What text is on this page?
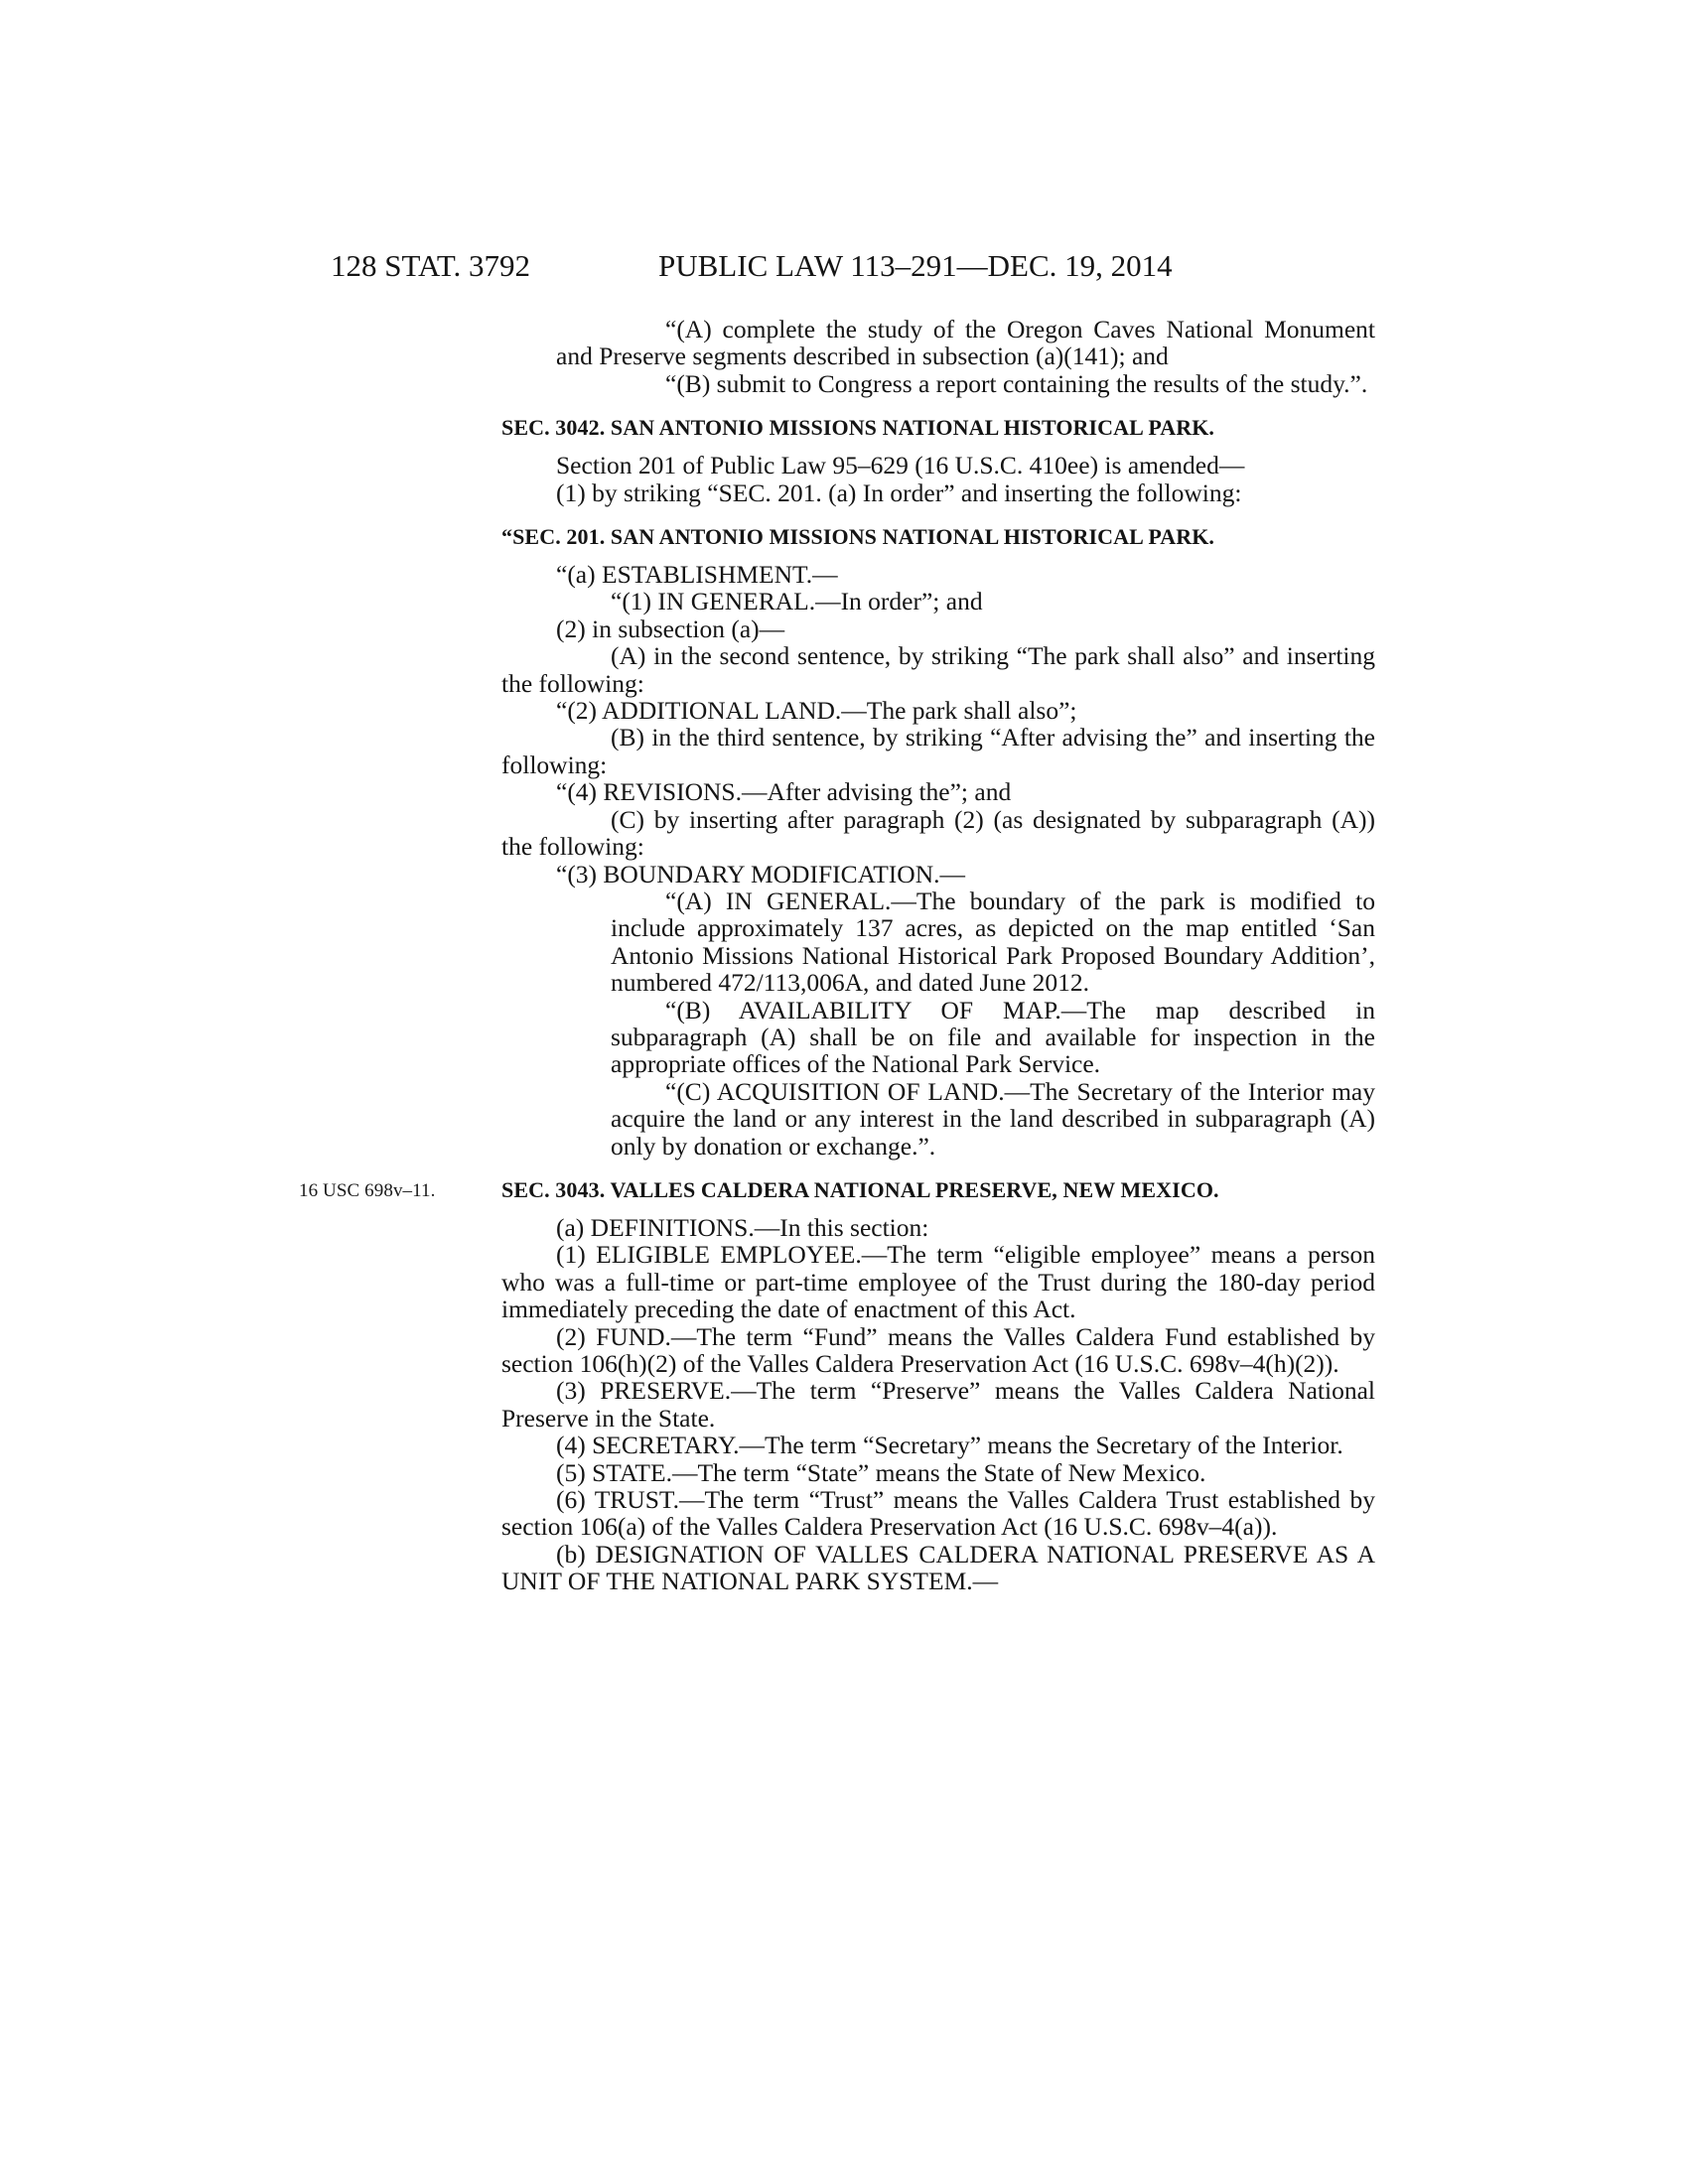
128 STAT. 3792	PUBLIC LAW 113–291—DEC. 19, 2014

“(A) complete the study of the Oregon Caves National Monument and Preserve segments described in subsection (a)(141); and

“(B) submit to Congress a report containing the results of the study.”.

SEC. 3042. SAN ANTONIO MISSIONS NATIONAL HISTORICAL PARK.

Section 201 of Public Law 95–629 (16 U.S.C. 410ee) is amended—

(1) by striking “SEC. 201. (a) In order” and inserting the following:

“SEC. 201. SAN ANTONIO MISSIONS NATIONAL HISTORICAL PARK.

“(a) ESTABLISHMENT.—

“(1) IN GENERAL.—In order”; and

(2) in subsection (a)—

(A) in the second sentence, by striking “The park shall also” and inserting the following:

“(2) ADDITIONAL LAND.—The park shall also”;

(B) in the third sentence, by striking “After advising the” and inserting the following:

“(4) REVISIONS.—After advising the”; and

(C) by inserting after paragraph (2) (as designated by subparagraph (A)) the following:

“(3) BOUNDARY MODIFICATION.—

“(A) IN GENERAL.—The boundary of the park is modified to include approximately 137 acres, as depicted on the map entitled ‘San Antonio Missions National Historical Park Proposed Boundary Addition’, numbered 472/113,006A, and dated June 2012.

“(B) AVAILABILITY OF MAP.—The map described in subparagraph (A) shall be on file and available for inspection in the appropriate offices of the National Park Service.

“(C) ACQUISITION OF LAND.—The Secretary of the Interior may acquire the land or any interest in the land described in subparagraph (A) only by donation or exchange.”.

16 USC 698v–11.	SEC. 3043. VALLES CALDERA NATIONAL PRESERVE, NEW MEXICO.

(a) DEFINITIONS.—In this section:

(1) ELIGIBLE EMPLOYEE.—The term “eligible employee” means a person who was a full-time or part-time employee of the Trust during the 180-day period immediately preceding the date of enactment of this Act.

(2) FUND.—The term “Fund” means the Valles Caldera Fund established by section 106(h)(2) of the Valles Caldera Preservation Act (16 U.S.C. 698v–4(h)(2)).

(3) PRESERVE.—The term “Preserve” means the Valles Caldera National Preserve in the State.

(4) SECRETARY.—The term “Secretary” means the Secretary of the Interior.

(5) STATE.—The term “State” means the State of New Mexico.

(6) TRUST.—The term “Trust” means the Valles Caldera Trust established by section 106(a) of the Valles Caldera Preservation Act (16 U.S.C. 698v–4(a)).

(b) DESIGNATION OF VALLES CALDERA NATIONAL PRESERVE AS A UNIT OF THE NATIONAL PARK SYSTEM.—
